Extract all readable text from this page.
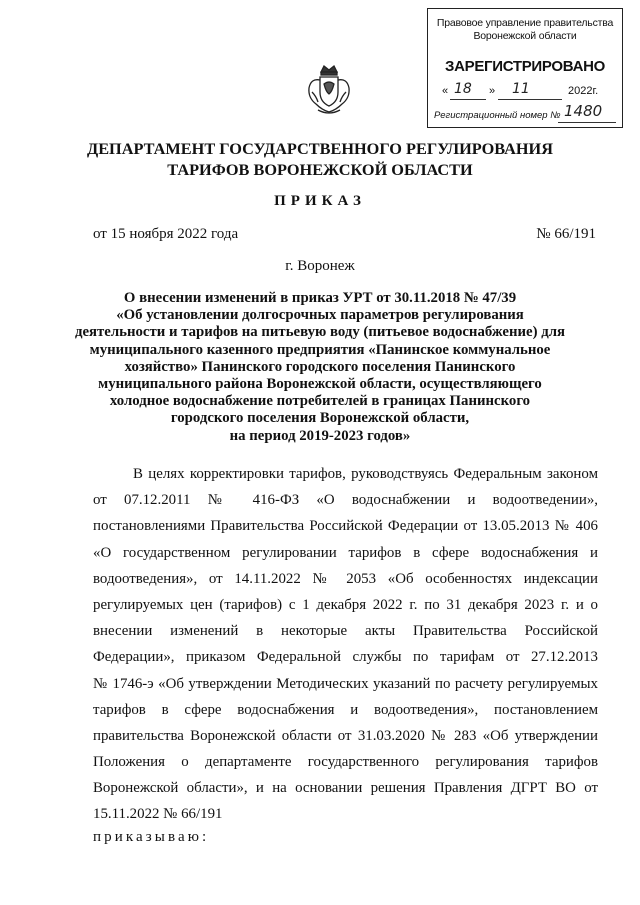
Правовое управление правительства
Воронежской области
ЗАРЕГИСТРИРОВАНО
« 18 » 11	2022г.
Регистрационный номер № 1480
ДЕПАРТАМЕНТ ГОСУДАРСТВЕННОГО РЕГУЛИРОВАНИЯ
ТАРИФОВ ВОРОНЕЖСКОЙ ОБЛАСТИ
ПРИКАЗ
от 15 ноября 2022 года	№ 66/191
г. Воронеж
О внесении изменений в приказ УРТ от 30.11.2018 № 47/39
«Об установлении долгосрочных параметров регулирования
деятельности и тарифов на питьевую воду (питьевое водоснабжение) для
муниципального казенного предприятия «Панинское коммунальное
хозяйство» Панинского городского поселения Панинского
муниципального района Воронежской области, осуществляющего
холодное водоснабжение потребителей в границах Панинского
городского поселения Воронежской области,
на период 2019-2023 годов»
В целях корректировки тарифов, руководствуясь Федеральным законом
от 07.12.2011 № 416-ФЗ «О водоснабжении и водоотведении»,
постановлениями Правительства Российской Федерации от 13.05.2013 № 406
«О государственном регулировании тарифов в сфере водоснабжения и
водоотведения», от 14.11.2022 № 2053 «Об особенностях индексации
регулируемых цен (тарифов) с 1 декабря 2022 г. по 31 декабря 2023 г. и о
внесении изменений в некоторые акты Правительства Российской
Федерации», приказом Федеральной службы по тарифам от 27.12.2013
№ 1746-э «Об утверждении Методических указаний по расчету регулируемых
тарифов в сфере водоснабжения и водоотведения», постановлением
правительства Воронежской области от 31.03.2020 № 283 «Об утверждении
Положения о департаменте государственного регулирования тарифов
Воронежской области», и на основании решения Правления ДГРТ ВО от
15.11.2022 № 66/191
приказываю:
